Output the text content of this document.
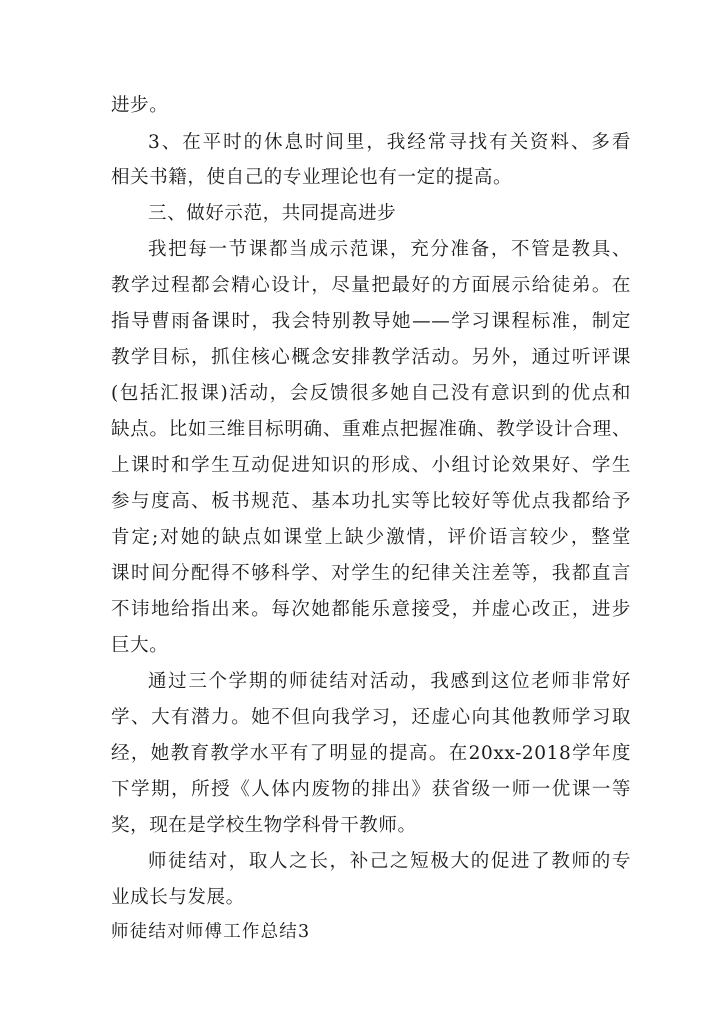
进步。
3、在平时的休息时间里，我经常寻找有关资料、多看
相关书籍，使自己的专业理论也有一定的提高。
三、做好示范，共同提高进步
我把每一节课都当成示范课，充分准备，不管是教具、
教学过程都会精心设计，尽量把最好的方面展示给徒弟。在
指导曹雨备课时，我会特别教导她——学习课程标准，制定
教学目标，抓住核心概念安排教学活动。另外，通过听评课
(包括汇报课)活动，会反馈很多她自己没有意识到的优点和
缺点。比如三维目标明确、重难点把握准确、教学设计合理、
上课时和学生互动促进知识的形成、小组讨论效果好、学生
参与度高、板书规范、基本功扎实等比较好等优点我都给予
肯定;对她的缺点如课堂上缺少激情，评价语言较少，整堂
课时间分配得不够科学、对学生的纪律关注差等，我都直言
不讳地给指出来。每次她都能乐意接受，并虚心改正，进步
巨大。
通过三个学期的师徒结对活动，我感到这位老师非常好
学、大有潜力。她不但向我学习，还虚心向其他教师学习取
经，她教育教学水平有了明显的提高。在20xx-2018学年度
下学期，所授《人体内废物的排出》获省级一师一优课一等
奖，现在是学校生物学科骨干教师。
师徒结对，取人之长，补己之短极大的促进了教师的专
业成长与发展。
师徒结对师傅工作总结3
